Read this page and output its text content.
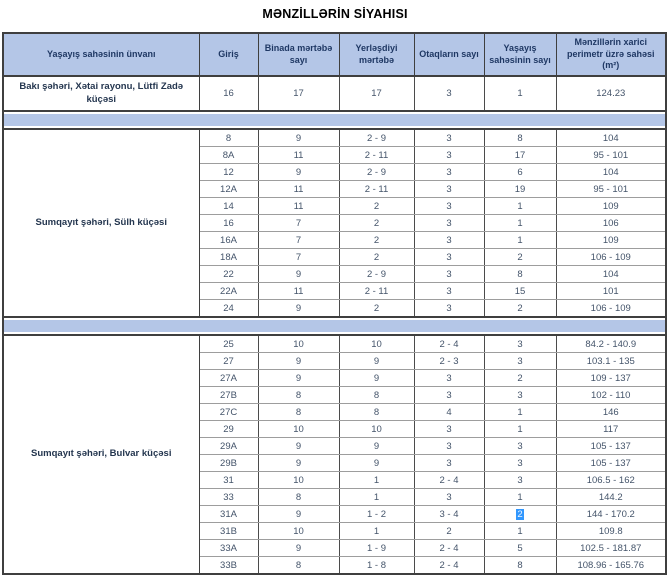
MƏNZİLLƏRİN SİYAHISI
Yaşayış sahəsinin ünvanı	Giriş	Binada mərtəbə sayı	Yerləşdiyi mərtəbə	Otaqların sayı	Yaşayış sahəsinin sayı	Mənzillərin xarici perimetr üzrə sahəsi (m²)
Bakı şəhəri, Xətai rayonu, Lütfi Zadə küçəsi	16	17	17	3	1	124.23

Sumqayıt şəhəri, Sülh küçəsi	8	9	2 - 9	3	8	104
	8A	11	2 - 11	3	17	95 - 101
	12	9	2 - 9	3	6	104
	12A	11	2 - 11	3	19	95 - 101
	14	11	2	3	1	109
	16	7	2	3	1	106
	16A	7	2	3	1	109
	18A	7	2	3	2	106 - 109
	22	9	2 - 9	3	8	104
	22A	11	2 - 11	3	15	101
	24	9	2	3	2	106 - 109

Sumqayıt şəhəri, Bulvar küçəsi	25	10	10	2 - 4	3	84.2 - 140.9
	27	9	9	2 - 3	3	103.1 - 135
	27A	9	9	3	2	109 - 137
	27B	8	8	3	3	102 - 110
	27C	8	8	4	1	146
	29	10	10	3	1	117
	29A	9	9	3	3	105 - 137
	29B	9	9	3	3	105 - 137
	31	10	1	2 - 4	3	106.5 - 162
	33	8	1	3	1	144.2
	31A	9	1 - 2	3 - 4	2	144 - 170.2
	31B	10	1	2	1	109.8
	33A	9	1 - 9	2 - 4	5	102.5 - 181.87
	33B	8	1 - 8	2 - 4	8	108.96 - 165.76
